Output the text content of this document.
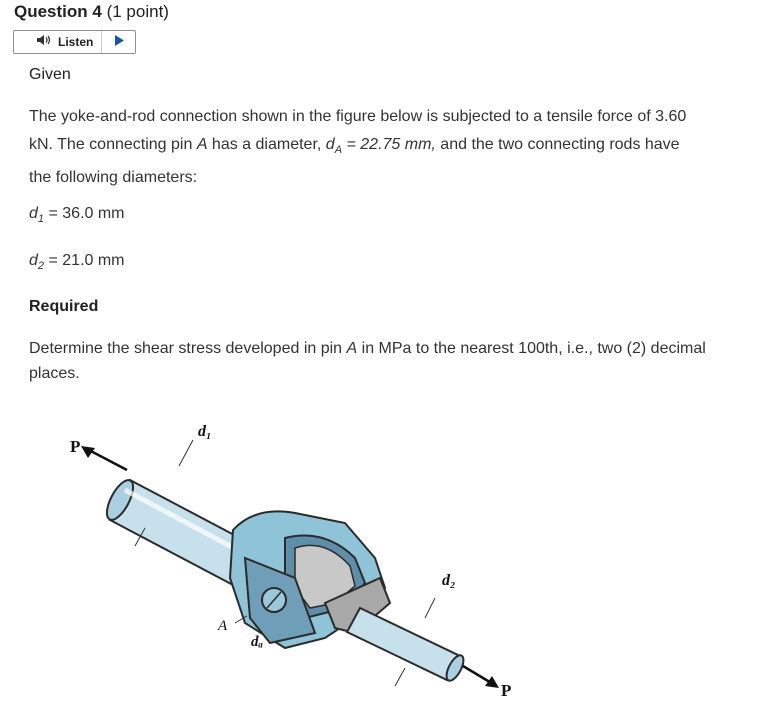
Question 4 (1 point)
Listen
Given
The yoke-and-rod connection shown in the figure below is subjected to a tensile force of 3.60 kN. The connecting pin A has a diameter, $d_A = 22.75$ mm, and the two connecting rods have the following diameters:
$d_1 = 36.0$ mm
$d_2 = 21.0$ mm
Required
Determine the shear stress developed in pin A in MPa to the nearest 100th, i.e., two (2) decimal places.
P
d₁
d₂
A
dₐ
P
